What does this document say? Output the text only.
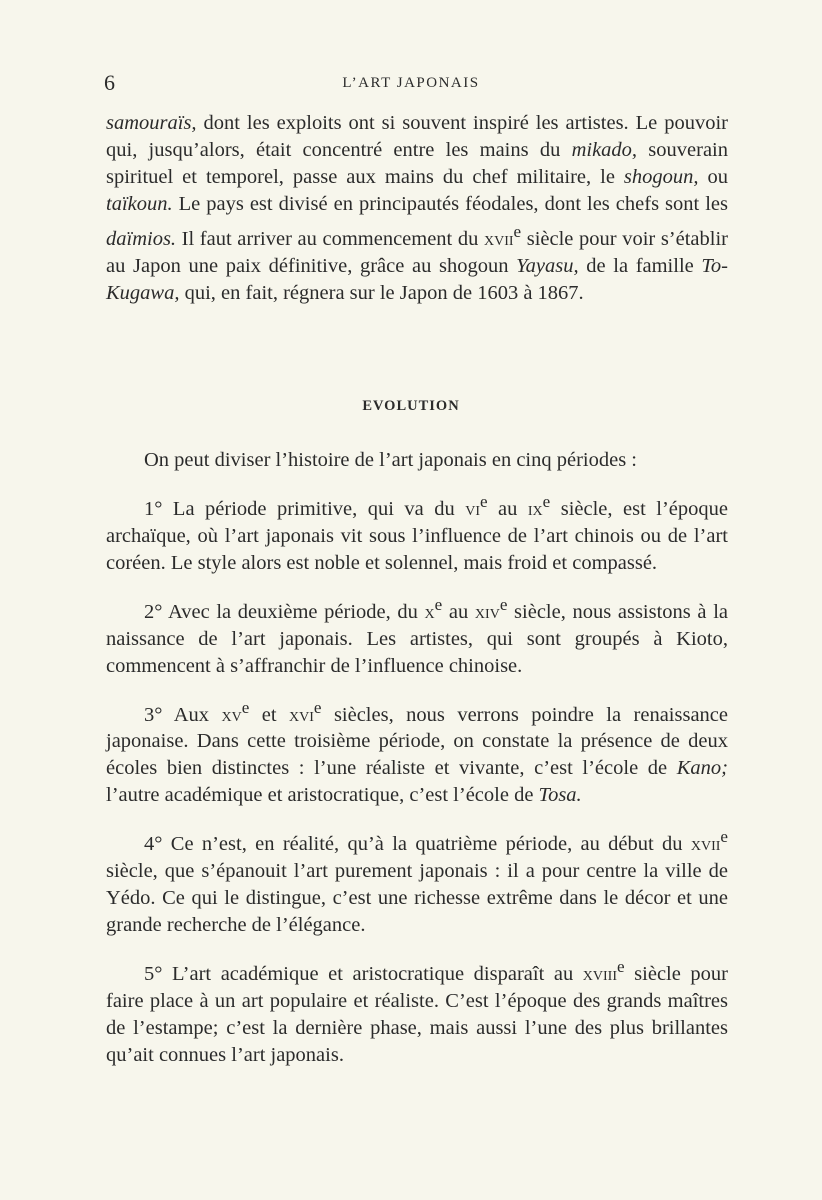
6	L’ART JAPONAIS

samouraïs, dont les exploits ont si souvent inspiré les artistes. Le pouvoir qui, jusqu’alors, était concentré entre les mains du mikado, souverain spirituel et temporel, passe aux mains du chef militaire, le shogoun, ou taïkoun. Le pays est divisé en principautés féodales, dont les chefs sont les daïmios. Il faut arriver au commencement du xvii$^e$ siècle pour voir s’établir au Japon une paix définitive, grâce au shogoun Yayasu, de la famille To-Kugawa, qui, en fait, régnera sur le Japon de 1603 à 1867.

EVOLUTION

On peut diviser l’histoire de l’art japonais en cinq périodes :

1° La période primitive, qui va du $vi^e$ au $ix^e$ siècle, est l’époque archaïque, où l’art japonais vit sous l’influence de l’art chinois ou de l’art coréen. Le style alors est noble et solennel, mais froid et compassé.

2° Avec la deuxième période, du $x^e$ au xiv$^e$ siècle, nous assistons à la naissance de l’art japonais. Les artistes, qui sont groupés à Kioto, commencent à s’affranchir de l’influence chinoise.

3° Aux $xv^e$ et xvi$^e$ siècles, nous verrons poindre la renaissance japonaise. Dans cette troisième période, on constate la présence de deux écoles bien distinctes : l’une réaliste et vivante, c’est l’école de Kano; l’autre académique et aristocratique, c’est l’école de Tosa.

4° Ce n’est, en réalité, qu’à la quatrième période, au début du xvii$^e$ siècle, que s’épanouit l’art purement japonais : il a pour centre la ville de Yédo. Ce qui le distingue, c’est une richesse extrême dans le décor et une grande recherche de l’élégance.

5° L’art académique et aristocratique disparaît au xviii$^e$ siècle pour faire place à un art populaire et réaliste. C’est l’époque des grands maîtres de l’estampe; c’est la dernière phase, mais aussi l’une des plus brillantes qu’ait connues l’art japonais.
